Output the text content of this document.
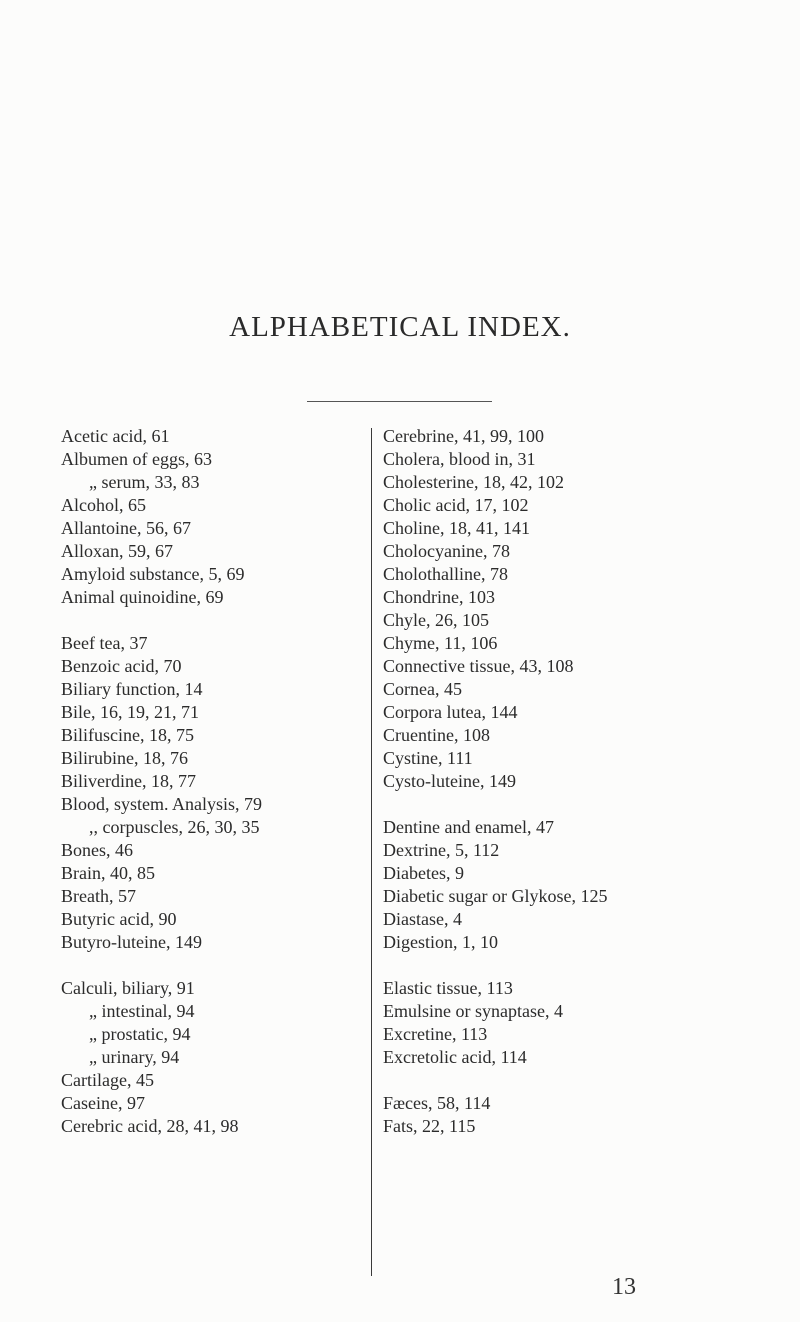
ALPHABETICAL INDEX.
Acetic acid, 61
Albumen of eggs, 63
„ serum, 33, 83
Alcohol, 65
Allantoine, 56, 67
Alloxan, 59, 67
Amyloid substance, 5, 69
Animal quinoidine, 69
Beef tea, 37
Benzoic acid, 70
Biliary function, 14
Bile, 16, 19, 21, 71
Bilifuscine, 18, 75
Bilirubine, 18, 76
Biliverdine, 18, 77
Blood, system. Analysis, 79
,, corpuscles, 26, 30, 35
Bones, 46
Brain, 40, 85
Breath, 57
Butyric acid, 90
Butyro-luteine, 149
Calculi, biliary, 91
„ intestinal, 94
„ prostatic, 94
„ urinary, 94
Cartilage, 45
Caseine, 97
Cerebric acid, 28, 41, 98
Cerebrine, 41, 99, 100
Cholera, blood in, 31
Cholesterine, 18, 42, 102
Cholic acid, 17, 102
Choline, 18, 41, 141
Cholocyanine, 78
Cholothalline, 78
Chondrine, 103
Chyle, 26, 105
Chyme, 11, 106
Connective tissue, 43, 108
Cornea, 45
Corpora lutea, 144
Cruentine, 108
Cystine, 111
Cysto-luteine, 149
Dentine and enamel, 47
Dextrine, 5, 112
Diabetes, 9
Diabetic sugar or Glykose, 125
Diastase, 4
Digestion, 1, 10
Elastic tissue, 113
Emulsine or synaptase, 4
Excretine, 113
Excretolic acid, 114
Fæces, 58, 114
Fats, 22, 115
13
